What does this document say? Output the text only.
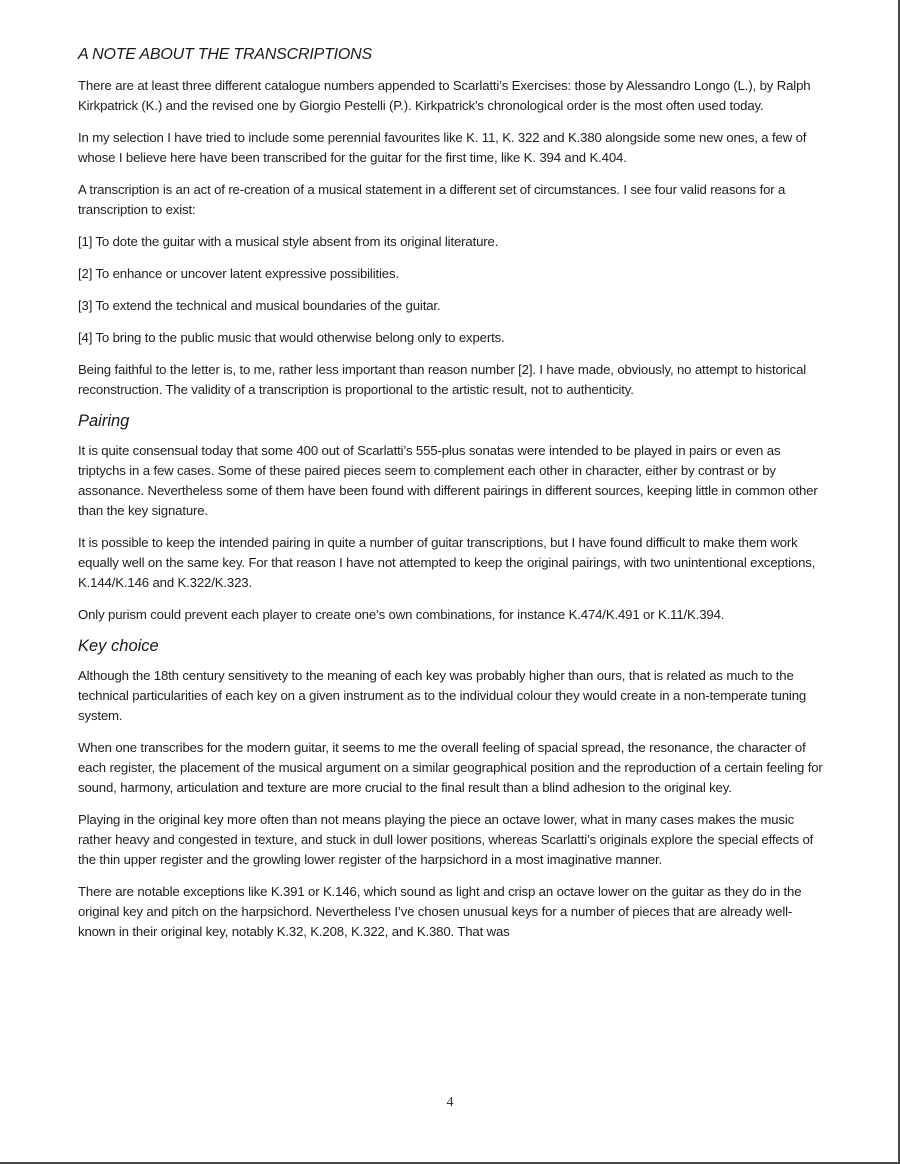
A NOTE ABOUT THE TRANSCRIPTIONS

There are at least three different catalogue numbers appended to Scarlatti’s Exercises: those by Alessandro Longo (L.), by Ralph Kirkpatrick (K.) and the revised one by Giorgio Pestelli (P.). Kirkpatrick’s chronological order is the most often used today.

In my selection I have tried to include some perennial favourites like K. 11, K. 322 and K.380 alongside some new ones, a few of whose I believe here have been transcribed for the guitar for the first time, like K. 394 and K.404.

A transcription is an act of re-creation of a musical statement in a different set of circumstances. I see four valid reasons for a transcription to exist:

[1] To dote the guitar with a musical style absent from its original literature.

[2] To enhance or uncover latent expressive possibilities.

[3] To extend the technical and musical boundaries of the guitar.

[4] To bring to the public music that would otherwise belong only to experts.

Being faithful to the letter is, to me, rather less important than reason number [2]. I have made, obviously, no attempt to historical reconstruction. The validity of a transcription is proportional to the artistic result, not to authenticity.

Pairing

It is quite consensual today that some 400 out of Scarlatti’s 555-plus sonatas were intended to be played in pairs or even as triptychs in a few cases. Some of these paired pieces seem to complement each other in character, either by contrast or by assonance. Nevertheless some of them have been found with different pairings in different sources, keeping little in common other than the key signature.

It is possible to keep the intended pairing in quite a number of guitar transcriptions, but I have found difficult to make them work equally well on the same key. For that reason I have not attempted to keep the original pairings, with two unintentional exceptions, K.144/K.146 and K.322/K.323.

Only purism could prevent each player to create one’s own combinations, for instance K.474/K.491 or K.11/K.394.

Key choice

Although the 18th century sensitivety to the meaning of each key was probably higher than ours, that is related as much to the technical particularities of each key on a given instrument as to the individual colour they would create in a non-temperate tuning system.

When one transcribes for the modern guitar, it seems to me the overall feeling of spacial spread, the resonance, the character of each register, the placement of the musical argument on a similar geographical position and the reproduction of a certain feeling for sound, harmony, articulation and texture are more crucial to the final result than a blind adhesion to the original key.

Playing in the original key more often than not means playing the piece an octave lower, what in many cases makes the music rather heavy and congested in texture, and stuck in dull lower positions, whereas Scarlatti’s originals explore the special effects of the thin upper register and the growling lower register of the harpsichord in a most imaginative manner.

There are notable exceptions like K.391 or K.146, which sound as light and crisp an octave lower on the guitar as they do in the original key and pitch on the harpsichord. Nevertheless I’ve chosen unusual keys for a number of pieces that are already well-known in their original key, notably K.32, K.208, K.322, and K.380. That was

4
